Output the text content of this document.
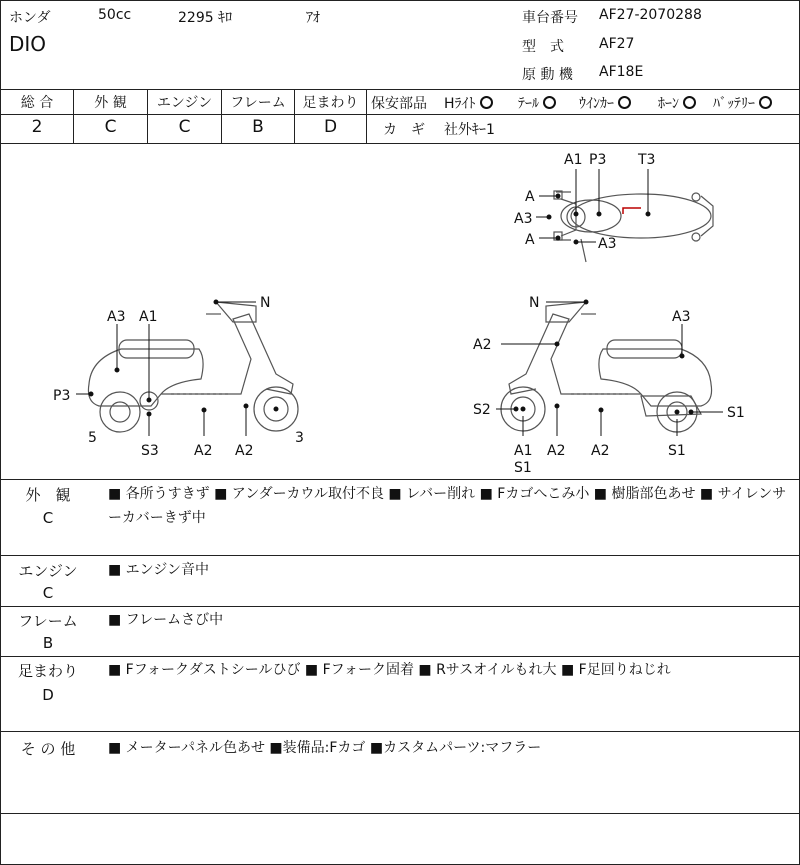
ホンダ	50cc	2295 ｷﾛ	ｱｵ
DIO
車台番号 AF27-2070288
型　式	AF27
原 動 機 AF18E
総 合	外 観	エンジン	フレーム	足まわり
2	C	C	B	D
保安部品 Hﾗｲﾄ	ﾃｰﾙ	ｳｲﾝｶｰ	ﾎｰﾝ	ﾊﾞｯﾃﾘｰ
カ　ギ 社外ｷｰ1
A1 P3 T3
A
A3
A	A3
N
A3 A1
P3
5
S3	A2 A2
3
N
A3
A2
S2	S1
A1
S1
A2 A2	S1
外　観
C
■ 各所うすきず ■ アンダーカウル取付不良 ■ レバー削れ ■ Fカゴへこみ小 ■ 樹脂部色あせ ■ サイレンサーカバーきず中
エンジン
C
■ エンジン音中
フレーム
B
■ フレームさび中
足まわり
D
■ Fフォークダストシールひび ■ Fフォーク固着 ■ Rサスオイルもれ大 ■ F足回りねじれ
そ の 他	■ メーターパネル色あせ ■装備品:Fカゴ ■カスタムパーツ:マフラー
